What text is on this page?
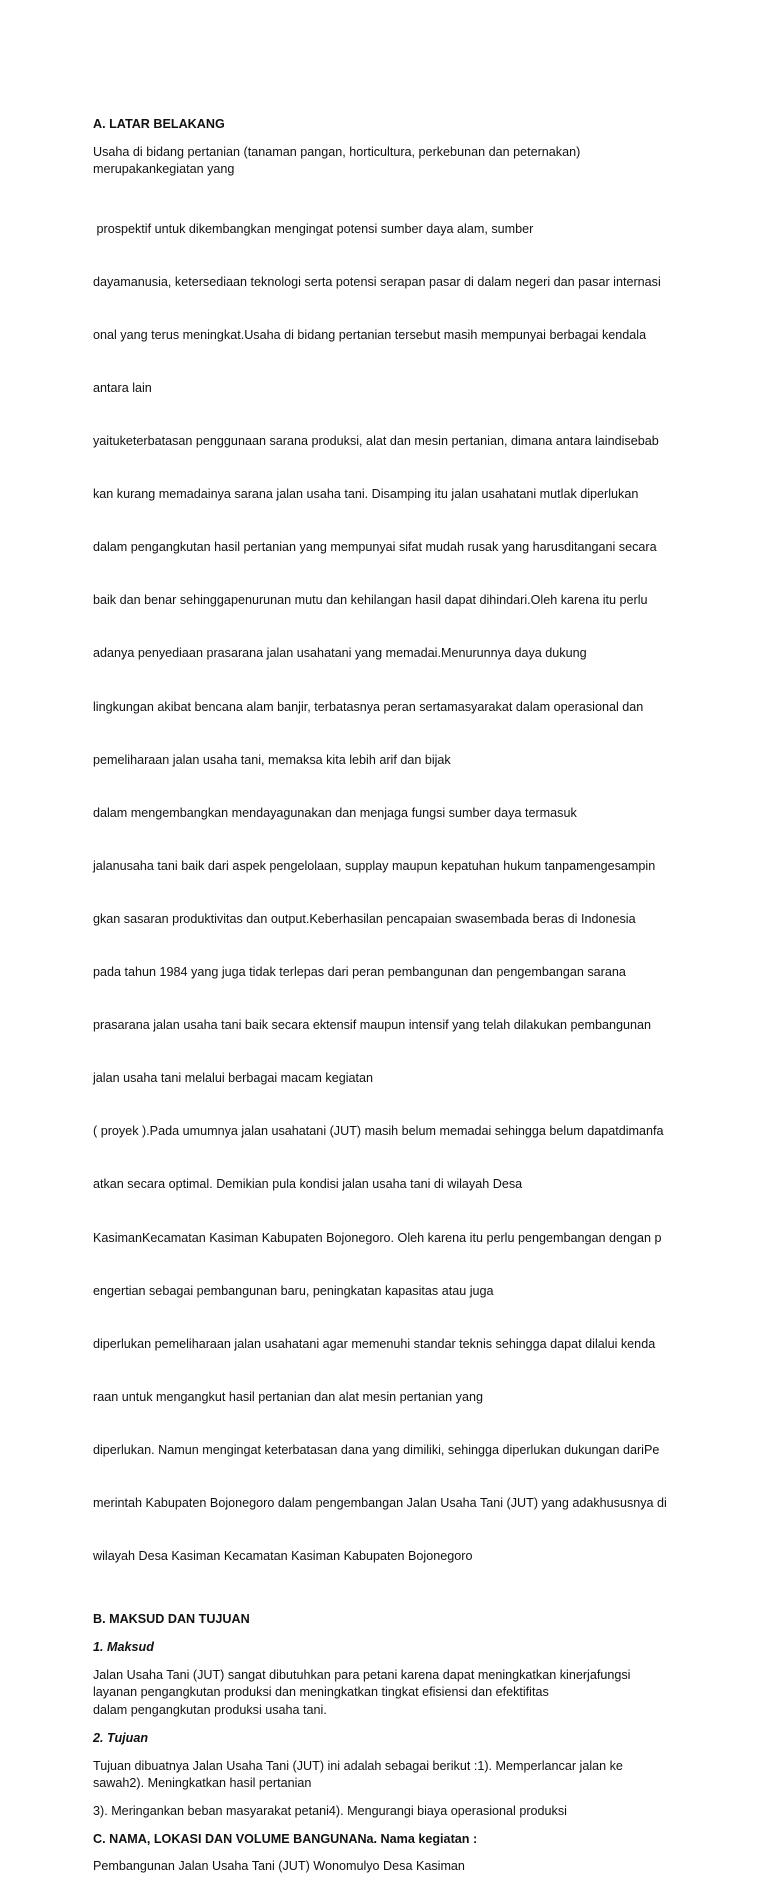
A. LATAR BELAKANG
Usaha di bidang pertanian (tanaman pangan, horticultura, perkebunan dan peternakan)
merupakankegiatan yang

prospektif untuk dikembangkan mengingat potensi sumber daya alam, sumber

dayamanusia, ketersediaan teknologi serta potensi serapan pasar di dalam negeri dan pasar internasi

onal yang terus meningkat.Usaha di bidang pertanian tersebut masih mempunyai berbagai kendala

antara lain

yaituketerbatasan penggunaan sarana produksi, alat dan mesin pertanian, dimana antara laindisebab

kan kurang memadainya sarana jalan usaha tani. Disamping itu jalan usahatani mutlak diperlukan

dalam pengangkutan hasil pertanian yang mempunyai sifat mudah rusak yang harusditangani secara

baik dan benar sehinggapenurunan mutu dan kehilangan hasil dapat dihindari.Oleh karena itu perlu

adanya penyediaan prasarana jalan usahatani yang memadai.Menurunnya daya dukung

lingkungan akibat bencana alam banjir, terbatasnya peran sertamasyarakat dalam operasional dan

pemeliharaan jalan usaha tani, memaksa kita lebih arif dan bijak

dalam mengembangkan mendayagunakan dan menjaga fungsi sumber daya termasuk

jalanusaha tani baik dari aspek pengelolaan, supplay maupun kepatuhan hukum tanpamengesampin

gkan sasaran produktivitas dan output.Keberhasilan pencapaian swasembada beras di Indonesia

pada tahun 1984 yang juga tidak terlepas dari peran pembangunan dan pengembangan sarana

prasarana jalan usaha tani baik secara ektensif maupun intensif yang telah dilakukan pembangunan

jalan usaha tani melalui berbagai macam kegiatan

( proyek ).Pada umumnya jalan usahatani (JUT) masih belum memadai sehingga belum dapatdimanfa

atkan secara optimal. Demikian pula kondisi jalan usaha tani di wilayah Desa

KasimanKecamatan Kasiman Kabupaten Bojonegoro. Oleh karena itu perlu pengembangan dengan p

engertian sebagai pembangunan baru, peningkatan kapasitas atau juga

diperlukan pemeliharaan jalan usahatani agar memenuhi standar teknis sehingga dapat dilalui kenda

raan untuk mengangkut hasil pertanian dan alat mesin pertanian yang

diperlukan. Namun mengingat keterbatasan dana yang dimiliki, sehingga diperlukan dukungan dariPe

merintah Kabupaten Bojonegoro dalam pengembangan Jalan Usaha Tani (JUT) yang adakhususnya di

wilayah Desa Kasiman Kecamatan Kasiman Kabupaten Bojonegoro

B. MAKSUD DAN TUJUAN
1. Maksud
Jalan Usaha Tani (JUT) sangat dibutuhkan para petani karena dapat meningkatkan kinerjafungsi
layanan pengangkutan produksi dan meningkatkan tingkat efisiensi dan efektifitas
dalam pengangkutan produksi usaha tani.
2. Tujuan
Tujuan dibuatnya Jalan Usaha Tani (JUT) ini adalah sebagai berikut :1). Memperlancar jalan ke
sawah2). Meningkatkan hasil pertanian
3). Meringankan beban masyarakat petani4). Mengurangi biaya operasional produksi
C. NAMA, LOKASI DAN VOLUME BANGUNANa. Nama kegiatan :
Pembangunan Jalan Usaha Tani (JUT) Wonomulyo Desa Kasiman
